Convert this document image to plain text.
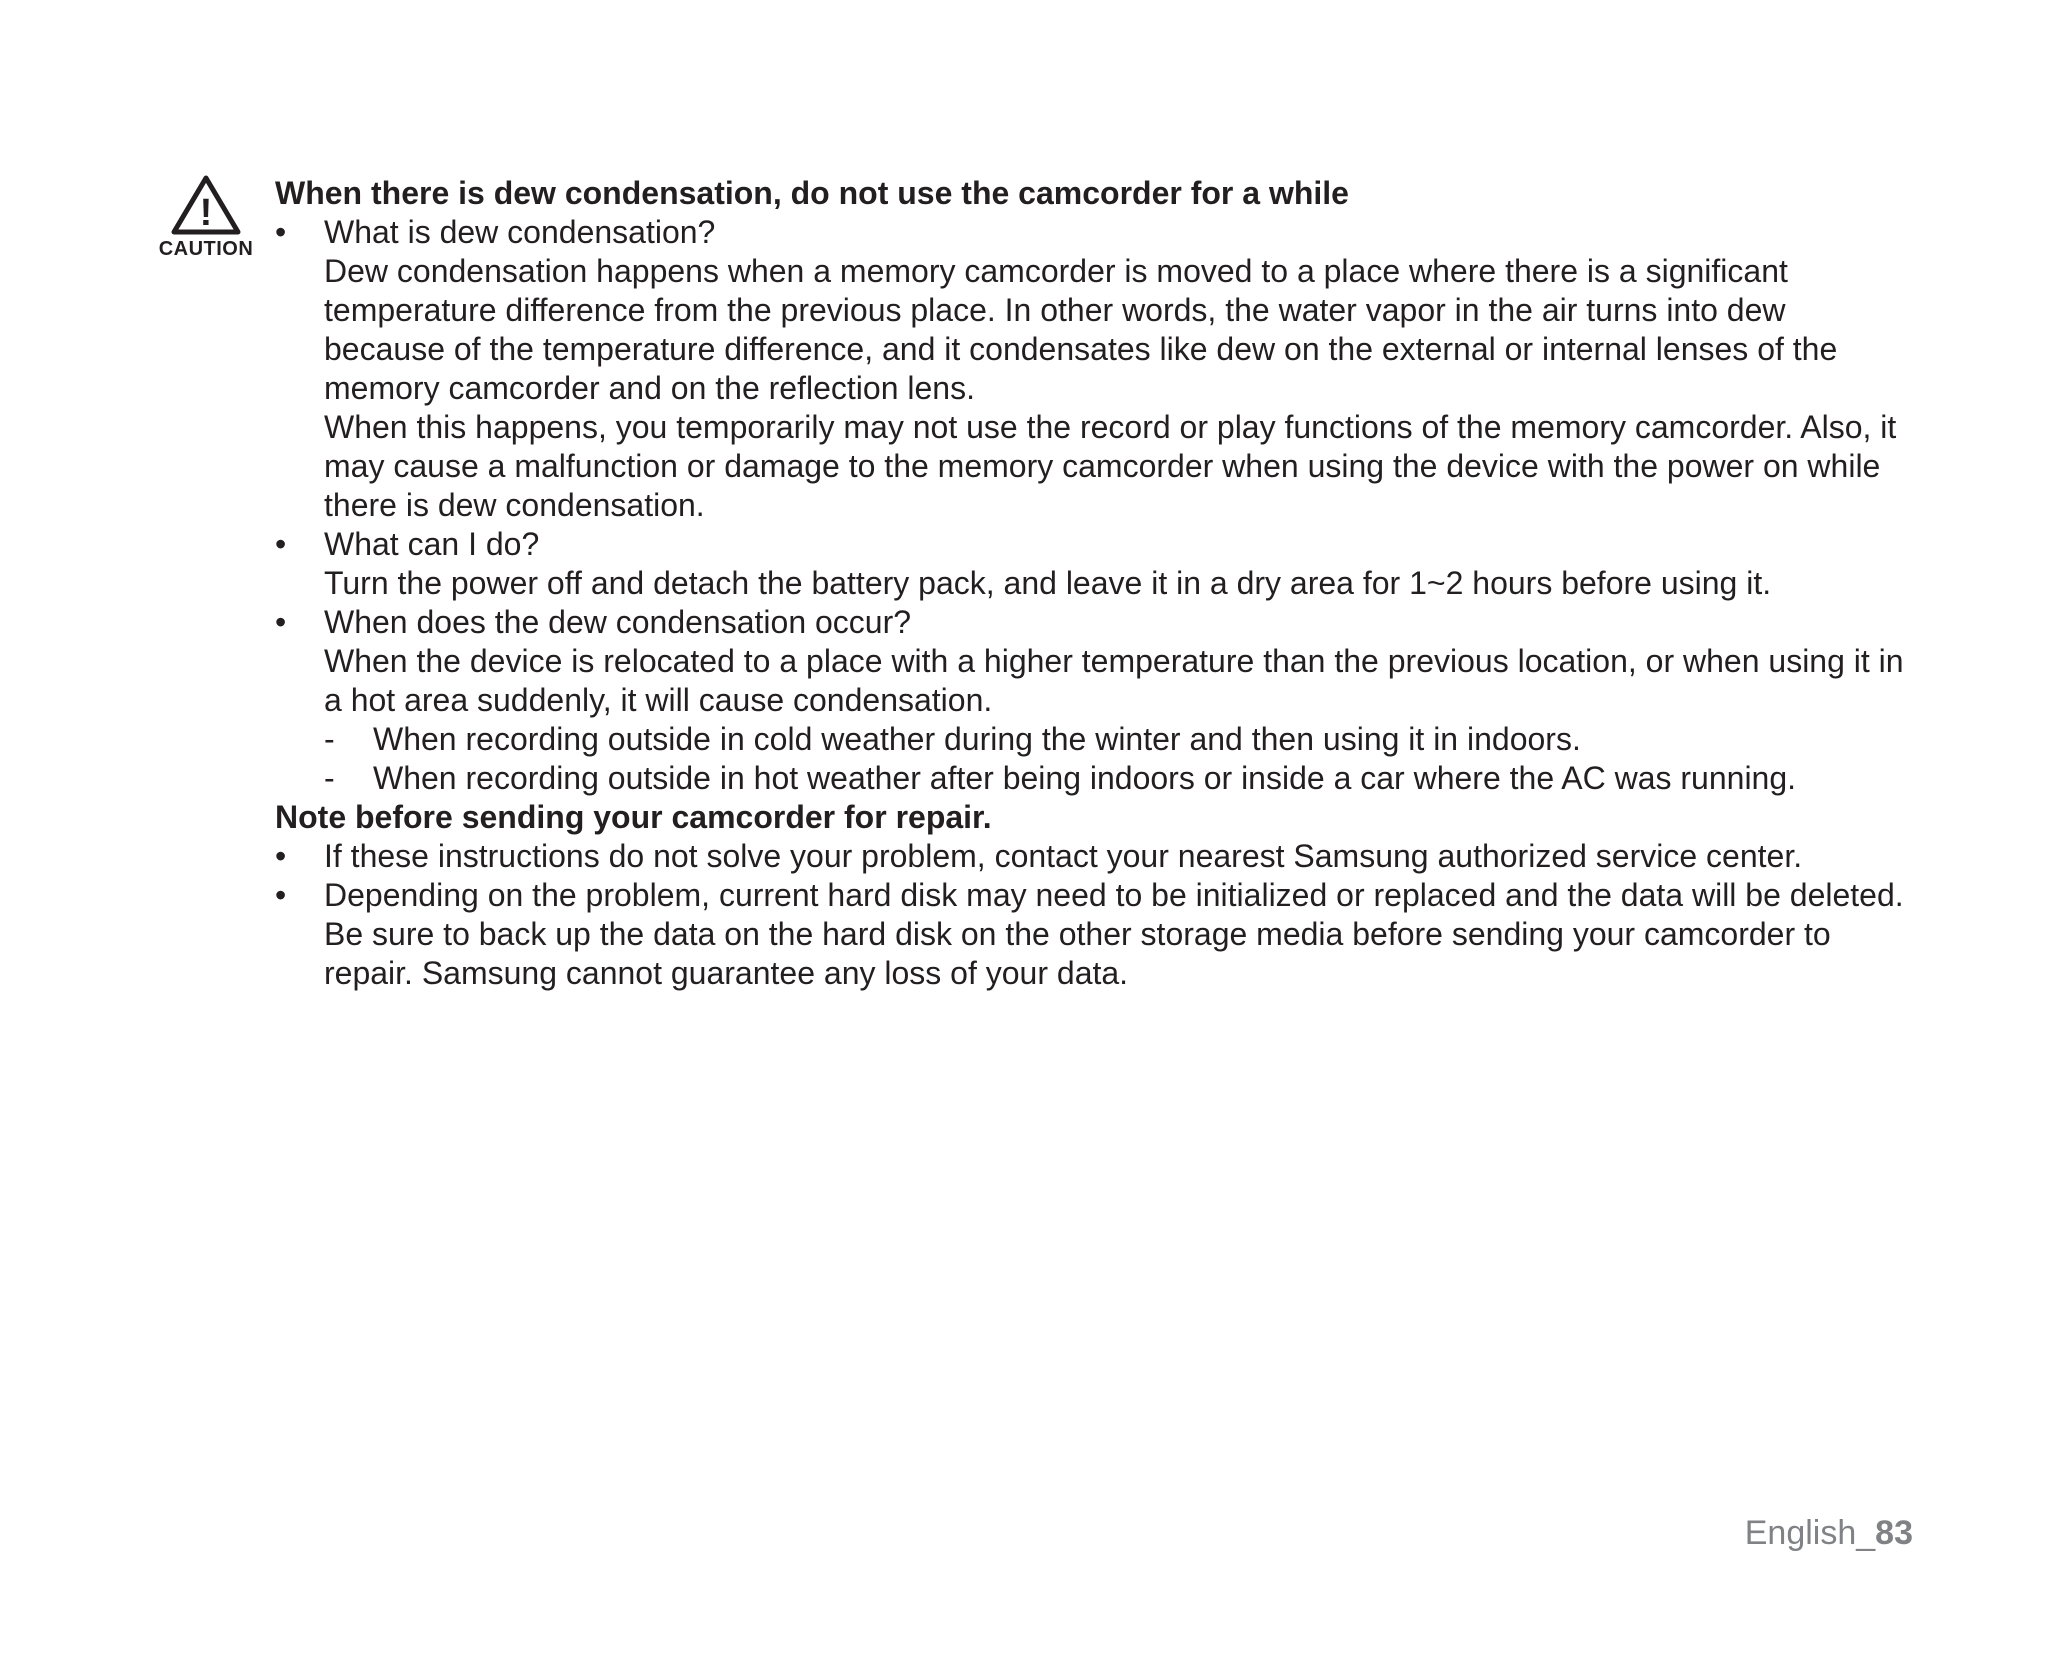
!
CAUTION

When there is dew condensation, do not use the camcorder for a while

•	What is dew condensation?

Dew condensation happens when a memory camcorder is moved to a place where there is a significant temperature difference from the previous place. In other words, the water vapor in the air turns into dew because of the temperature difference, and it condensates like dew on the external or internal lenses of the memory camcorder and on the reflection lens.

When this happens, you temporarily may not use the record or play functions of the memory camcorder. Also, it may cause a malfunction or damage to the memory camcorder when using the device with the power on while there is dew condensation.

•	What can I do?

Turn the power off and detach the battery pack, and leave it in a dry area for 1~2 hours before using it.

•	When does the dew condensation occur?

When the device is relocated to a place with a higher temperature than the previous location, or when using it in a hot area suddenly, it will cause condensation.

- When recording outside in cold weather during the winter and then using it in indoors.
- When recording outside in hot weather after being indoors or inside a car where the AC was running.

Note before sending your camcorder for repair.

•	If these instructions do not solve your problem, contact your nearest Samsung authorized service center.

•	Depending on the problem, current hard disk may need to be initialized or replaced and the data will be deleted. Be sure to back up the data on the hard disk on the other storage media before sending your camcorder to repair. Samsung cannot guarantee any loss of your data.

English_83
